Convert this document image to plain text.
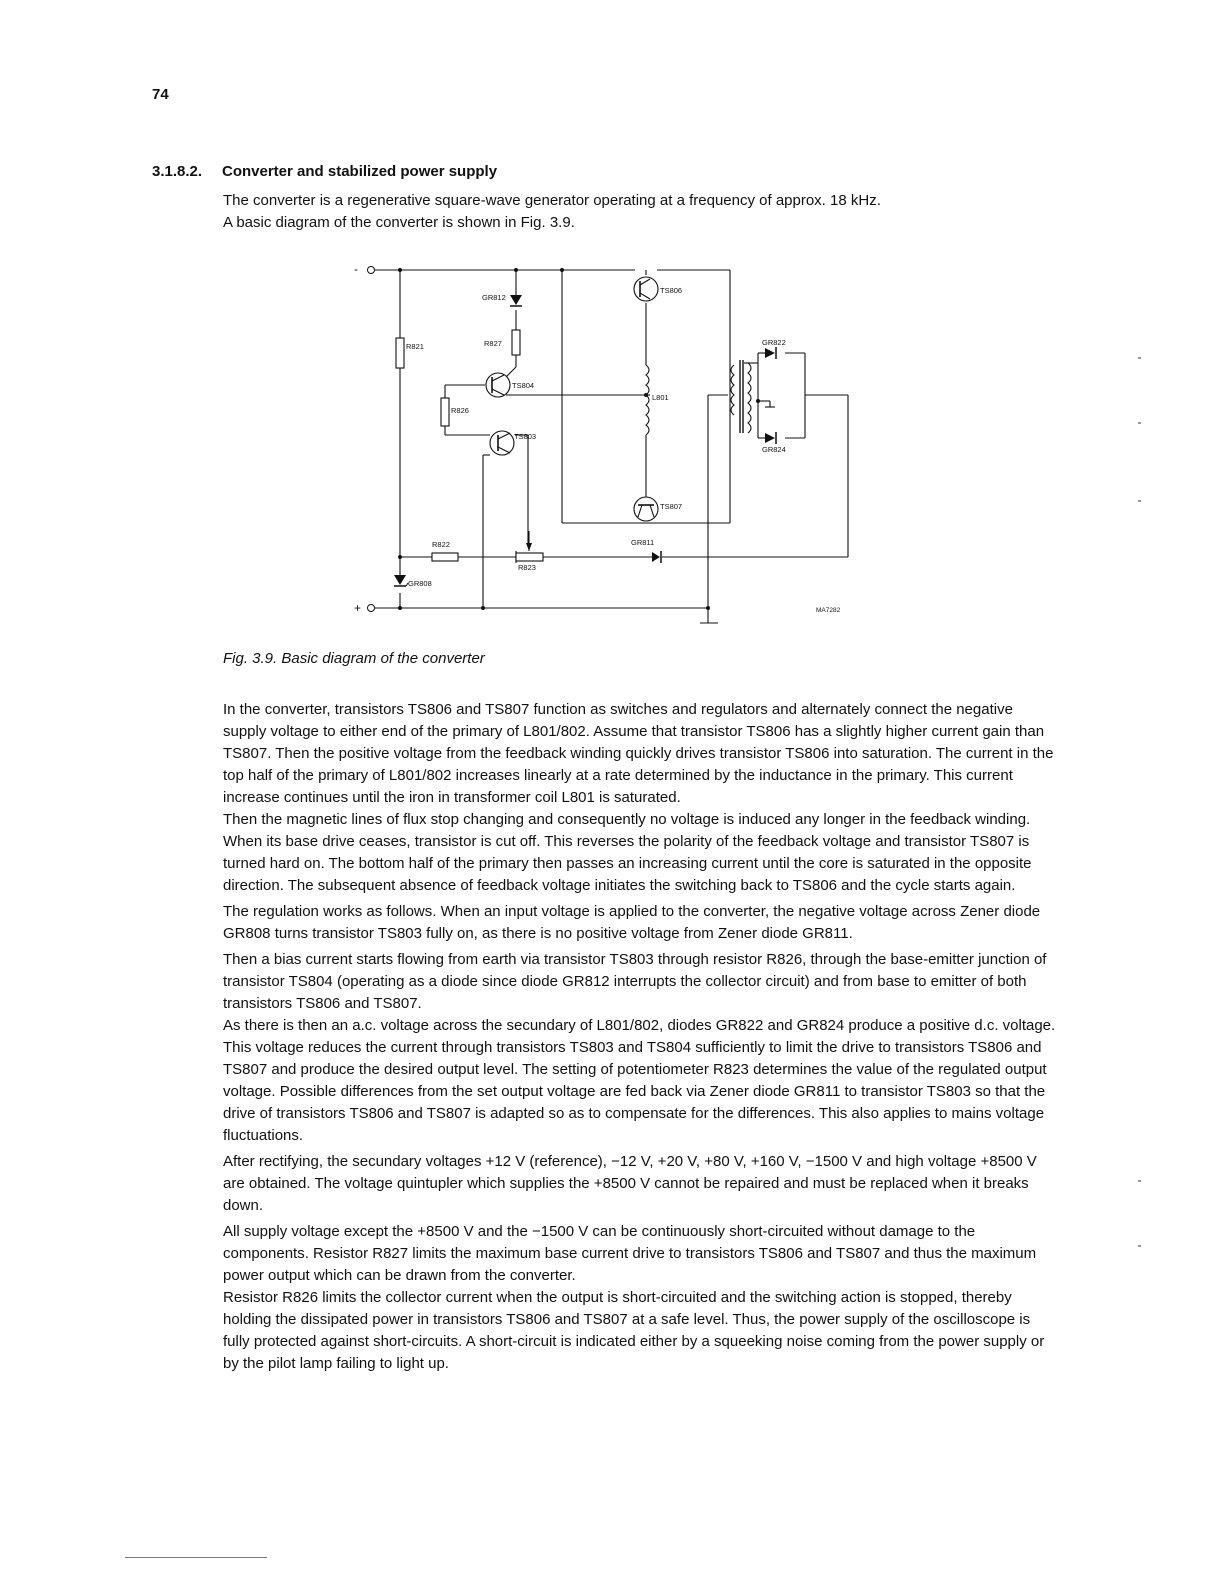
74
3.1.8.2. Converter and stabilized power supply

The converter is a regenerative square-wave generator operating at a frequency of approx. 18 kHz.

A basic diagram of the converter is shown in Fig. 3.9.

-
+
GR812
R827
R821
TS804
R826
TS803
TS806
L801
TS807
GR822
GR824
R822
R823
GR811
GR808
MA7282
Fig. 3.9. Basic diagram of the converter

In the converter, transistors TS806 and TS807 function as switches and regulators and alternately connect the negative supply voltage to either end of the primary of L801/802. Assume that transistor TS806 has a slightly higher current gain than TS807. Then the positive voltage from the feedback winding quickly drives transistor TS806 into saturation. The current in the top half of the primary of L801/802 increases linearly at a rate determined by the inductance in the primary. This current increase continues until the iron in transformer coil L801 is saturated.

Then the magnetic lines of flux stop changing and consequently no voltage is induced any longer in the feedback winding. When its base drive ceases, transistor is cut off. This reverses the polarity of the feedback voltage and transistor TS807 is turned hard on. The bottom half of the primary then passes an increasing current until the core is saturated in the opposite direction. The subsequent absence of feedback voltage initiates the switching back to TS806 and the cycle starts again.

The regulation works as follows. When an input voltage is applied to the converter, the negative voltage across Zener diode GR808 turns transistor TS803 fully on, as there is no positive voltage from Zener diode GR811.

Then a bias current starts flowing from earth via transistor TS803 through resistor R826, through the base-emitter junction of transistor TS804 (operating as a diode since diode GR812 interrupts the collector circuit) and from base to emitter of both transistors TS806 and TS807.

As there is then an a.c. voltage across the secundary of L801/802, diodes GR822 and GR824 produce a positive d.c. voltage. This voltage reduces the current through transistors TS803 and TS804 sufficiently to limit the drive to transistors TS806 and TS807 and produce the desired output level. The setting of potentiometer R823 determines the value of the regulated output voltage. Possible differences from the set output voltage are fed back via Zener diode GR811 to transistor TS803 so that the drive of transistors TS806 and TS807 is adapted so as to compensate for the differences. This also applies to mains voltage fluctuations.

After rectifying, the secundary voltages +12 V (reference), −12 V, +20 V, +80 V, +160 V, −1500 V and high voltage +8500 V are obtained. The voltage quintupler which supplies the +8500 V cannot be repaired and must be replaced when it breaks down.

All supply voltage except the +8500 V and the −1500 V can be continuously short-circuited without damage to the components. Resistor R827 limits the maximum base current drive to transistors TS806 and TS807 and thus the maximum power output which can be drawn from the converter.

Resistor R826 limits the collector current when the output is short-circuited and the switching action is stopped, thereby holding the dissipated power in transistors TS806 and TS807 at a safe level. Thus, the power supply of the oscilloscope is fully protected against short-circuits. A short-circuit is indicated either by a squeeking noise coming from the power supply or by the pilot lamp failing to light up.
